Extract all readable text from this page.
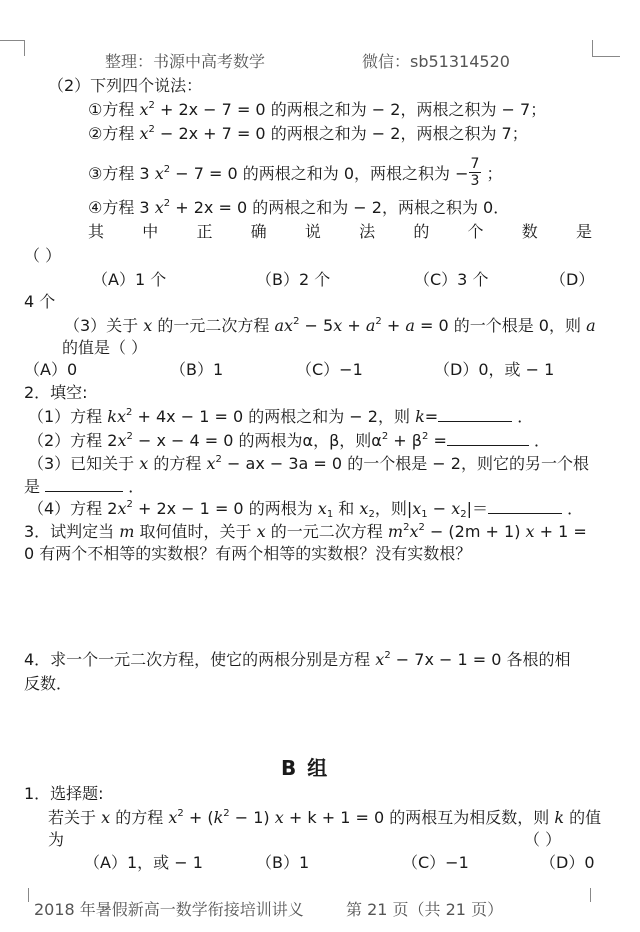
整理：书源中高考数学	微信：sb51314520
（2）下列四个说法：
①方程 $x^2 + 2x - 7 = 0$ 的两根之和为 − 2，两根之积为 − 7；
②方程 $x^2 - 2x + 7 = 0$ 的两根之和为 − 2，两根之积为 7；
③方程 3 $x^2 - 7 = 0$ 的两根之和为 0，两根之积为 − $\frac{7}{3}$ ；
④方程 3 $x^2 + 2x = 0$ 的两根之和为 − 2，两根之积为 0．
其 中 正 确 说 法 的 个 数 是
（ ）
（A）1 个	（B）2 个	（C）3 个	（D）
4 个
（3）关于 x 的一元二次方程 $ax^2 - 5x + a^2 + a = 0$ 的一个根是 0，则 a
的值是（ ）
（A）0	（B）1	（C）−1	（D）0，或 − 1
2．填空:
（1）方程 $kx^2 + 4x - 1 = 0$ 的两根之和为 − 2，则 k=	．
（2）方程 $2x^2 - x - 4 = 0$ 的两根为α，β，则$\alpha^2 + \beta^2$ =	．
（3）已知关于 x 的方程 $x^2$ − ax − 3a = 0 的一个根是 − 2，则它的另一个根
是	．
（4）方程 $2x^2 + 2x - 1 = 0$ 的两根为 $x_1$ 和 $x_2$，则$|x_1 - x_2|=$	．
3．试判定当 m 取何值时，关于 x 的一元二次方程 $m^2x^2 - (2m + 1) x + 1$ =
0 有两个不相等的实数根？有两个相等的实数根？没有实数根？
4．求一个一元二次方程，使它的两根分别是方程 $x^2 - 7x - 1 = 0$ 各根的相
反数．
B 组
1．选择题:
若关于 x 的方程 $x^2 + (k^2 - 1) x + k + 1 = 0$ 的两根互为相反数，则 k 的值
为	（ ）
（A）1，或 − 1	（B）1	（C）−1	（D）0
2018 年暑假新高一数学衔接培训讲义	第 21 页（共 21 页）
